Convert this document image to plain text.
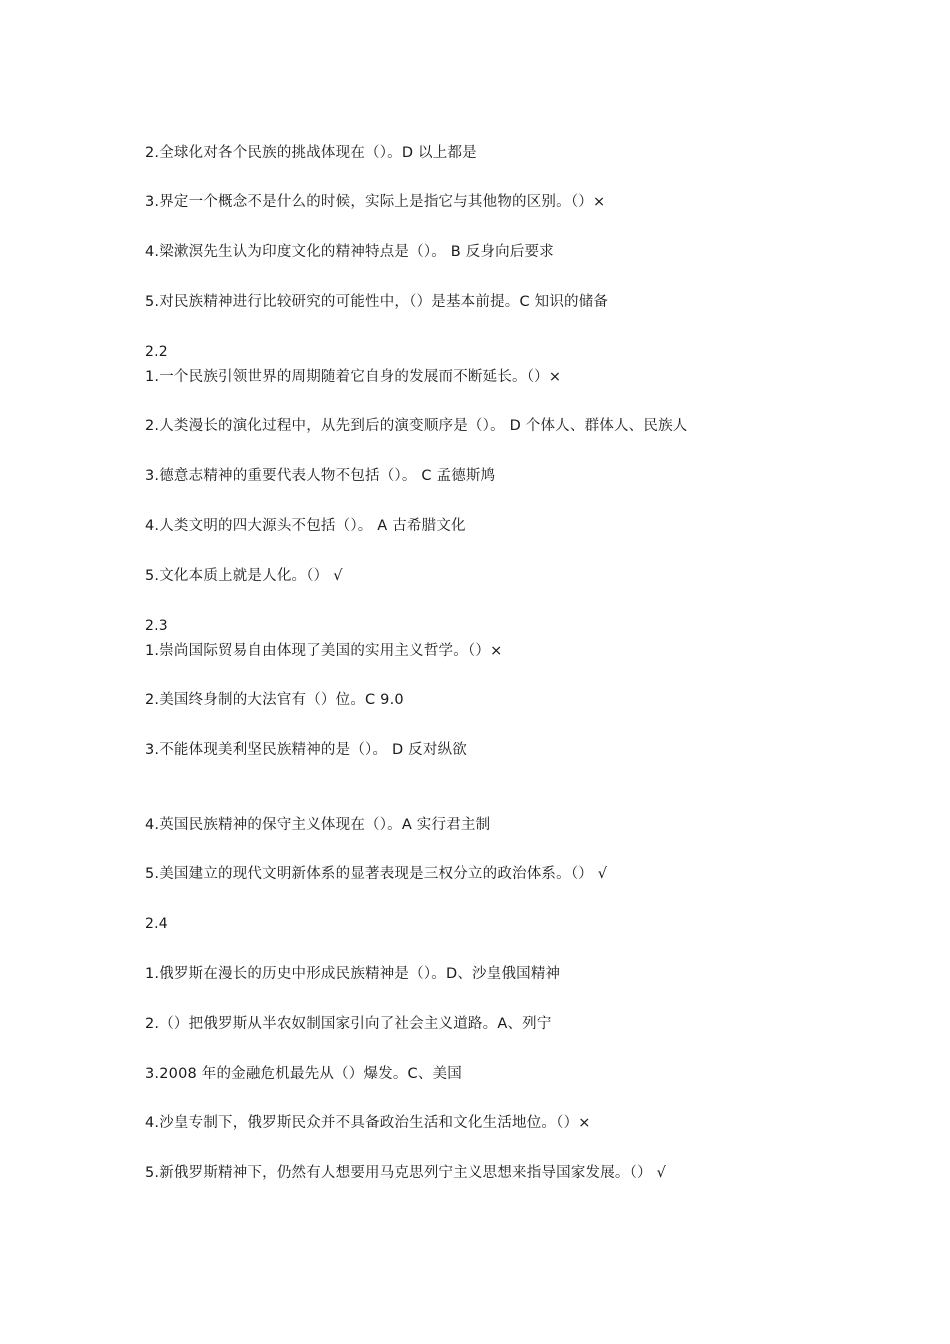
2.全球化对各个民族的挑战体现在（）。D 以上都是
3.界定一个概念不是什么的时候，实际上是指它与其他物的区别。（）×
4.梁漱溟先生认为印度文化的精神特点是（）。 B 反身向后要求
5.对民族精神进行比较研究的可能性中，（）是基本前提。C 知识的储备
2.2
1.一个民族引领世界的周期随着它自身的发展而不断延长。（）×
2.人类漫长的演化过程中，从先到后的演变顺序是（）。 D 个体人、群体人、民族人
3.德意志精神的重要代表人物不包括（）。 C 孟德斯鸠
4.人类文明的四大源头不包括（）。 A 古希腊文化
5.文化本质上就是人化。（） √
2.3
1.崇尚国际贸易自由体现了美国的实用主义哲学。（）×
2.美国终身制的大法官有（）位。C 9.0
3.不能体现美利坚民族精神的是（）。 D 反对纵欲
4.英国民族精神的保守主义体现在（）。A 实行君主制
5.美国建立的现代文明新体系的显著表现是三权分立的政治体系。（） √
2.4
1.俄罗斯在漫长的历史中形成民族精神是（）。D、沙皇俄国精神
2.（）把俄罗斯从半农奴制国家引向了社会主义道路。A、列宁
3.2008 年的金融危机最先从（）爆发。C、美国
4.沙皇专制下，俄罗斯民众并不具备政治生活和文化生活地位。（）×
5.新俄罗斯精神下，仍然有人想要用马克思列宁主义思想来指导国家发展。（） √
